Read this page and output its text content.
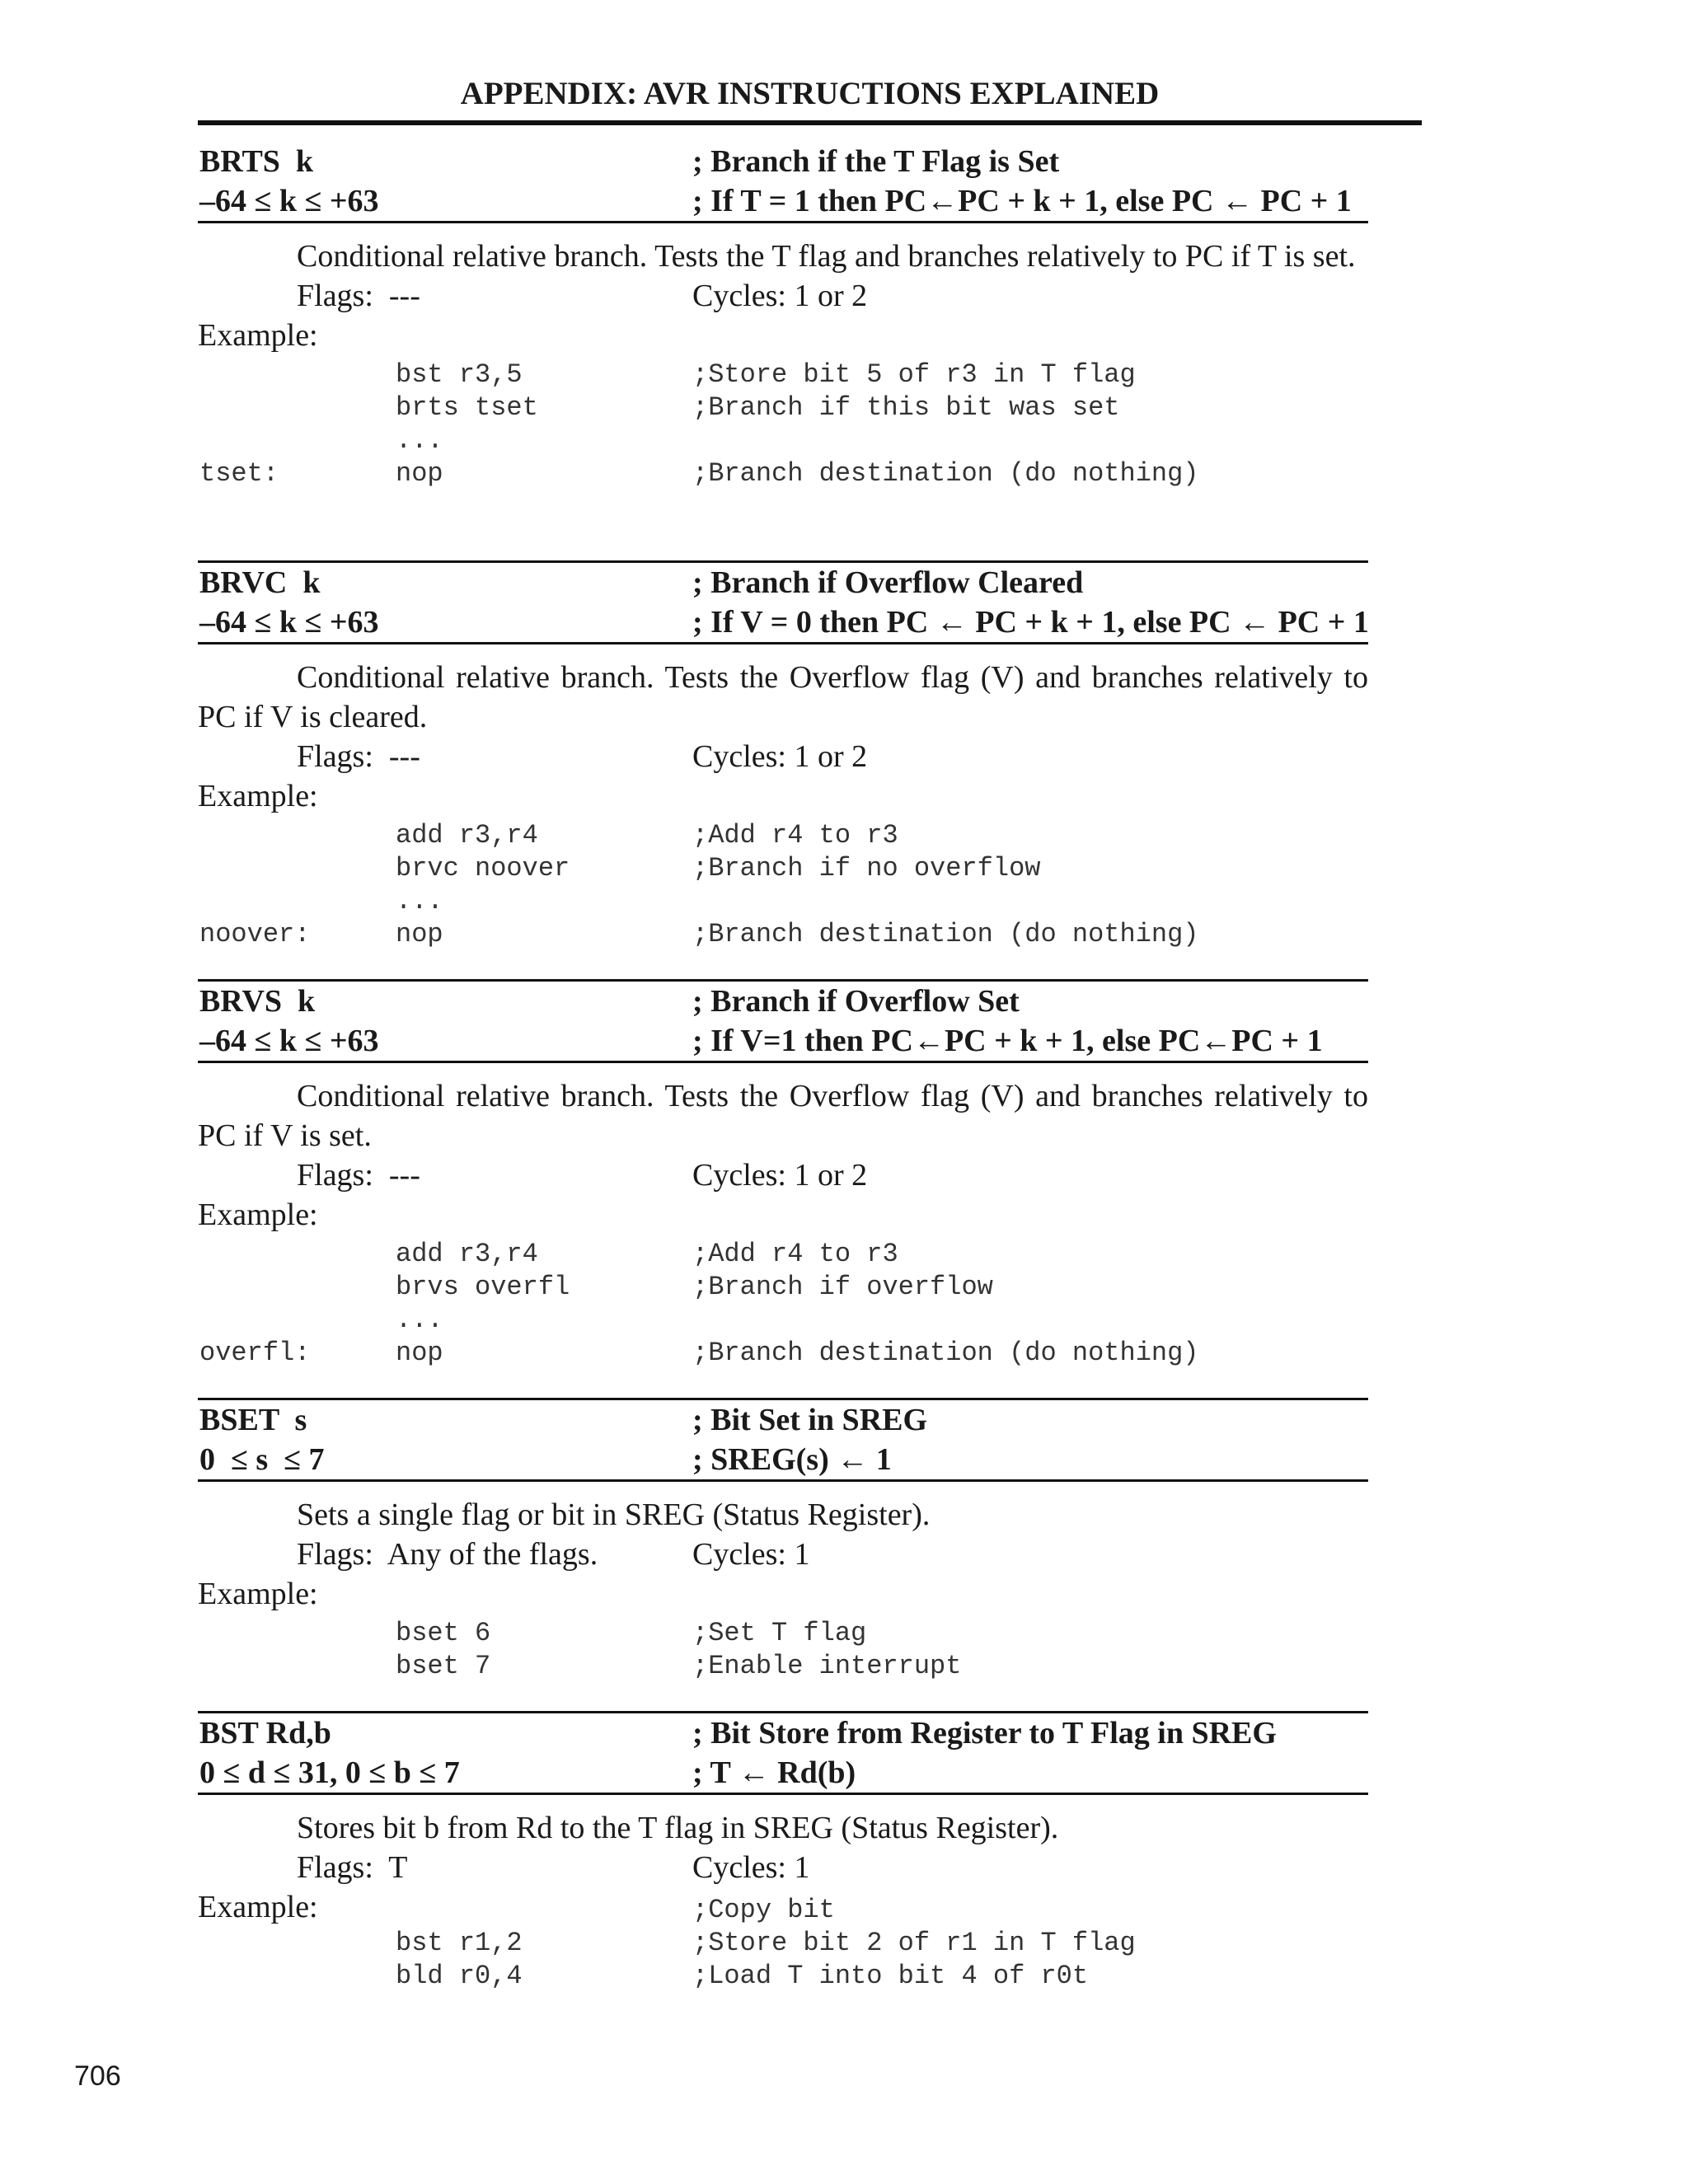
APPENDIX: AVR INSTRUCTIONS EXPLAINED
BRTS  k	; Branch if the T Flag is Set
–64 ≤ k ≤ +63	; If T = 1 then PC←PC + k + 1, else PC ← PC + 1
Conditional relative branch. Tests the T flag and branches relatively to PC if T is set.
Flags:  ---	Cycles: 1 or 2
Example:
bst r3,5	;Store bit 5 of r3 in T flag
brts tset	;Branch if this bit was set
...
tset:	nop	;Branch destination (do nothing)
BRVC  k	; Branch if Overflow Cleared
–64 ≤ k ≤ +63	; If V = 0 then PC ← PC + k + 1, else PC ← PC + 1
Conditional relative branch. Tests the Overflow flag (V) and branches relatively to PC if V is cleared.
Flags:  ---	Cycles: 1 or 2
Example:
add r3,r4	;Add r4 to r3
brvc noover	;Branch if no overflow
...
noover:	nop	;Branch destination (do nothing)
BRVS  k	; Branch if Overflow Set
–64 ≤ k ≤ +63	; If V=1 then PC←PC + k + 1, else PC←PC + 1
Conditional relative branch. Tests the Overflow flag (V) and branches relatively to PC if V is set.
Flags:  ---	Cycles: 1 or 2
Example:
add r3,r4	;Add r4 to r3
brvs overfl	;Branch if overflow
...
overfl:	nop	;Branch destination (do nothing)
BSET  s	; Bit Set in SREG
0  ≤ s  ≤ 7	; SREG(s) ← 1
Sets a single flag or bit in SREG (Status Register).
Flags:  Any of the flags.	Cycles: 1
Example:
bset 6	;Set T flag
bset 7	;Enable interrupt
BST Rd,b	; Bit Store from Register to T Flag in SREG
0 ≤ d ≤ 31, 0 ≤ b ≤ 7	; T ← Rd(b)
Stores bit b from Rd to the T flag in SREG (Status Register).
Flags:  T	Cycles: 1
Example:	;Copy bit
bst r1,2	;Store bit 2 of r1 in T flag
bld r0,4	;Load T into bit 4 of r0t
706
